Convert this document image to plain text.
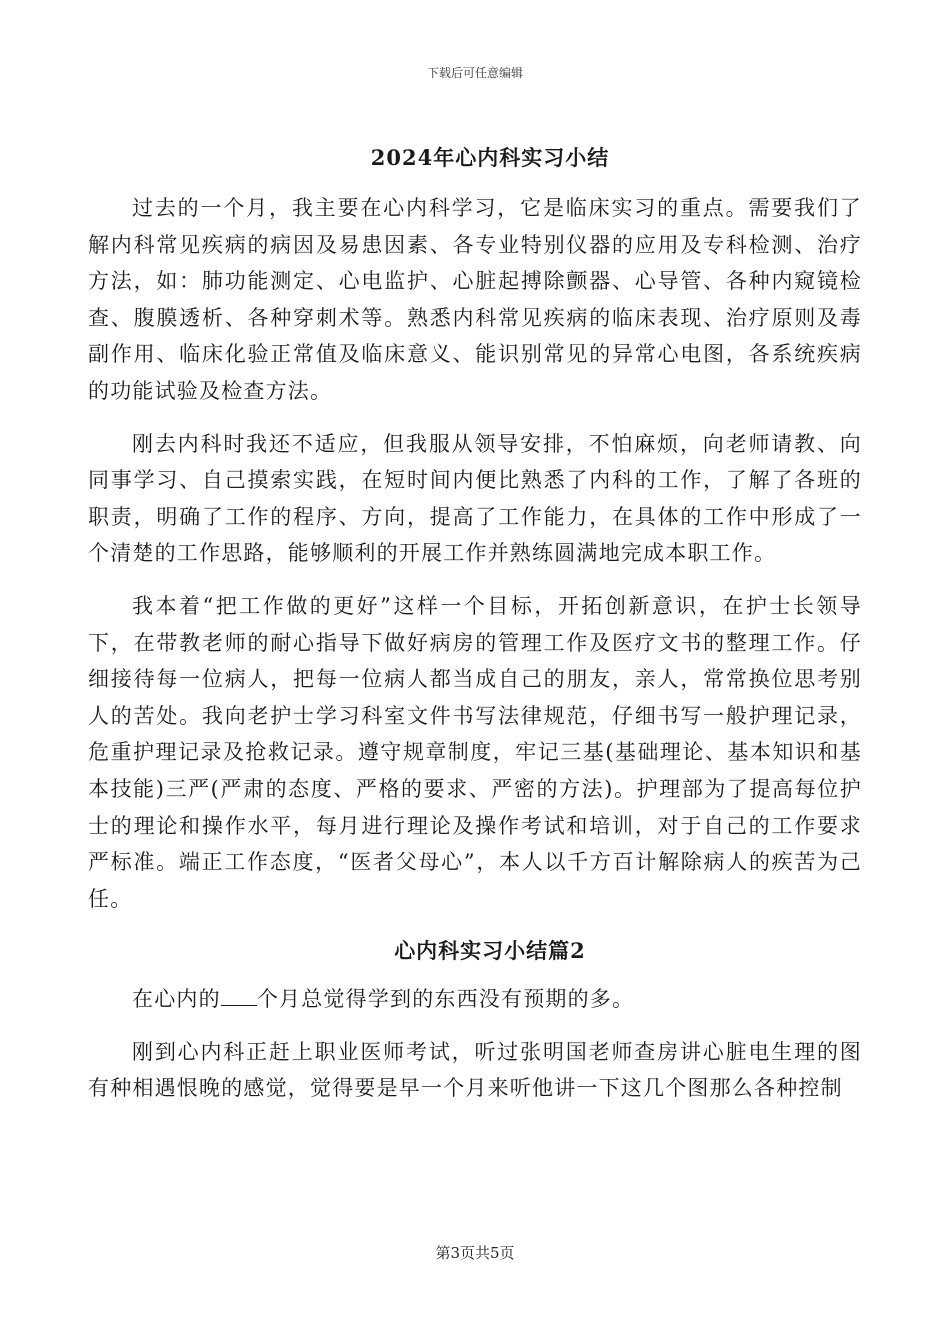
下载后可任意编辑
2024年心内科实习小结

过去的一个月，我主要在心内科学习，它是临床实习的重点。需要我们了解内科常见疾病的病因及易患因素、各专业特别仪器的应用及专科检测、治疗方法，如：肺功能测定、心电监护、心脏起搏除颤器、心导管、各种内窥镜检查、腹膜透析、各种穿刺术等。熟悉内科常见疾病的临床表现、治疗原则及毒副作用、临床化验正常值及临床意义、能识别常见的异常心电图，各系统疾病的功能试验及检查方法。

刚去内科时我还不适应，但我服从领导安排，不怕麻烦，向老师请教、向同事学习、自己摸索实践，在短时间内便比熟悉了内科的工作，了解了各班的职责，明确了工作的程序、方向，提高了工作能力，在具体的工作中形成了一个清楚的工作思路，能够顺利的开展工作并熟练圆满地完成本职工作。

我本着“把工作做的更好”这样一个目标，开拓创新意识，在护士长领导下，在带教老师的耐心指导下做好病房的管理工作及医疗文书的整理工作。仔细接待每一位病人，把每一位病人都当成自己的朋友，亲人，常常换位思考别人的苦处。我向老护士学习科室文件书写法律规范，仔细书写一般护理记录，危重护理记录及抢救记录。遵守规章制度，牢记三基(基础理论、基本知识和基本技能)三严(严肃的态度、严格的要求、严密的方法)。护理部为了提高每位护士的理论和操作水平，每月进行理论及操作考试和培训，对于自己的工作要求严标准。端正工作态度，“医者父母心”，本人以千方百计解除病人的疾苦为己任。

心内科实习小结篇2

在心内的 个月总觉得学到的东西没有预期的多。

刚到心内科正赶上职业医师考试，听过张明国老师查房讲心脏电生理的图有种相遇恨晚的感觉，觉得要是早一个月来听他讲一下这几个图那么各种控制

第3页共5页
